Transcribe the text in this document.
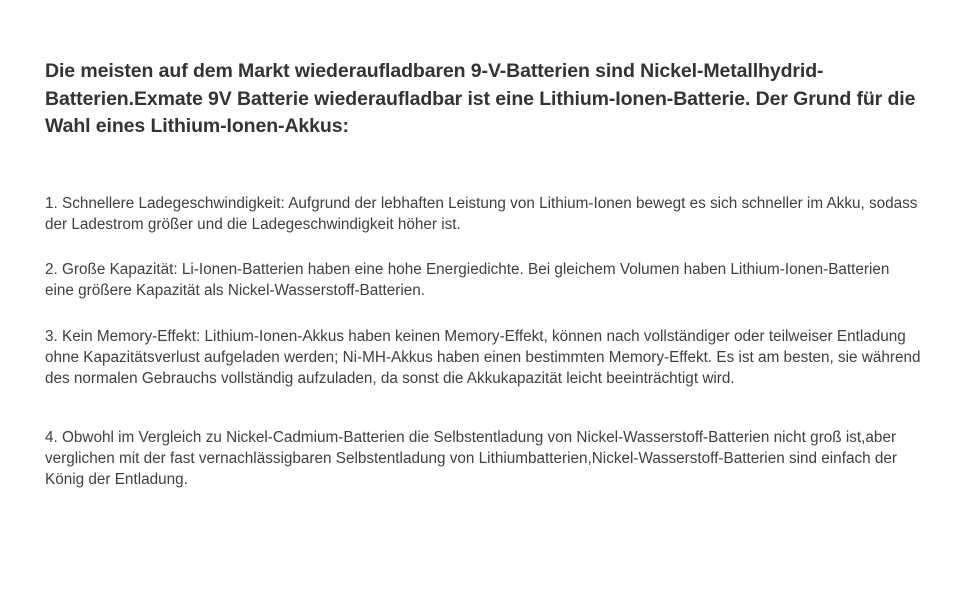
Die meisten auf dem Markt wiederaufladbaren 9-V-Batterien sind Nickel-Metallhydrid-Batterien.Exmate 9V Batterie wiederaufladbar ist eine Lithium-Ionen-Batterie. Der Grund für die Wahl eines Lithium-Ionen-Akkus:

1. Schnellere Ladegeschwindigkeit: Aufgrund der lebhaften Leistung von Lithium-Ionen bewegt es sich schneller im Akku, sodass der Ladestrom größer und die Ladegeschwindigkeit höher ist.

2. Große Kapazität: Li-Ionen-Batterien haben eine hohe Energiedichte. Bei gleichem Volumen haben Lithium-Ionen-Batterien eine größere Kapazität als Nickel-Wasserstoff-Batterien.

3. Kein Memory-Effekt: Lithium-Ionen-Akkus haben keinen Memory-Effekt, können nach vollständiger oder teilweiser Entladung ohne Kapazitätsverlust aufgeladen werden; Ni-MH-Akkus haben einen bestimmten Memory-Effekt. Es ist am besten, sie während des normalen Gebrauchs vollständig aufzuladen, da sonst die Akkukapazität leicht beeinträchtigt wird.

4. Obwohl im Vergleich zu Nickel-Cadmium-Batterien die Selbstentladung von Nickel-Wasserstoff-Batterien nicht groß ist,aber verglichen mit der fast vernachlässigbaren Selbstentladung von Lithiumbatterien,Nickel-Wasserstoff-Batterien sind einfach der König der Entladung.
